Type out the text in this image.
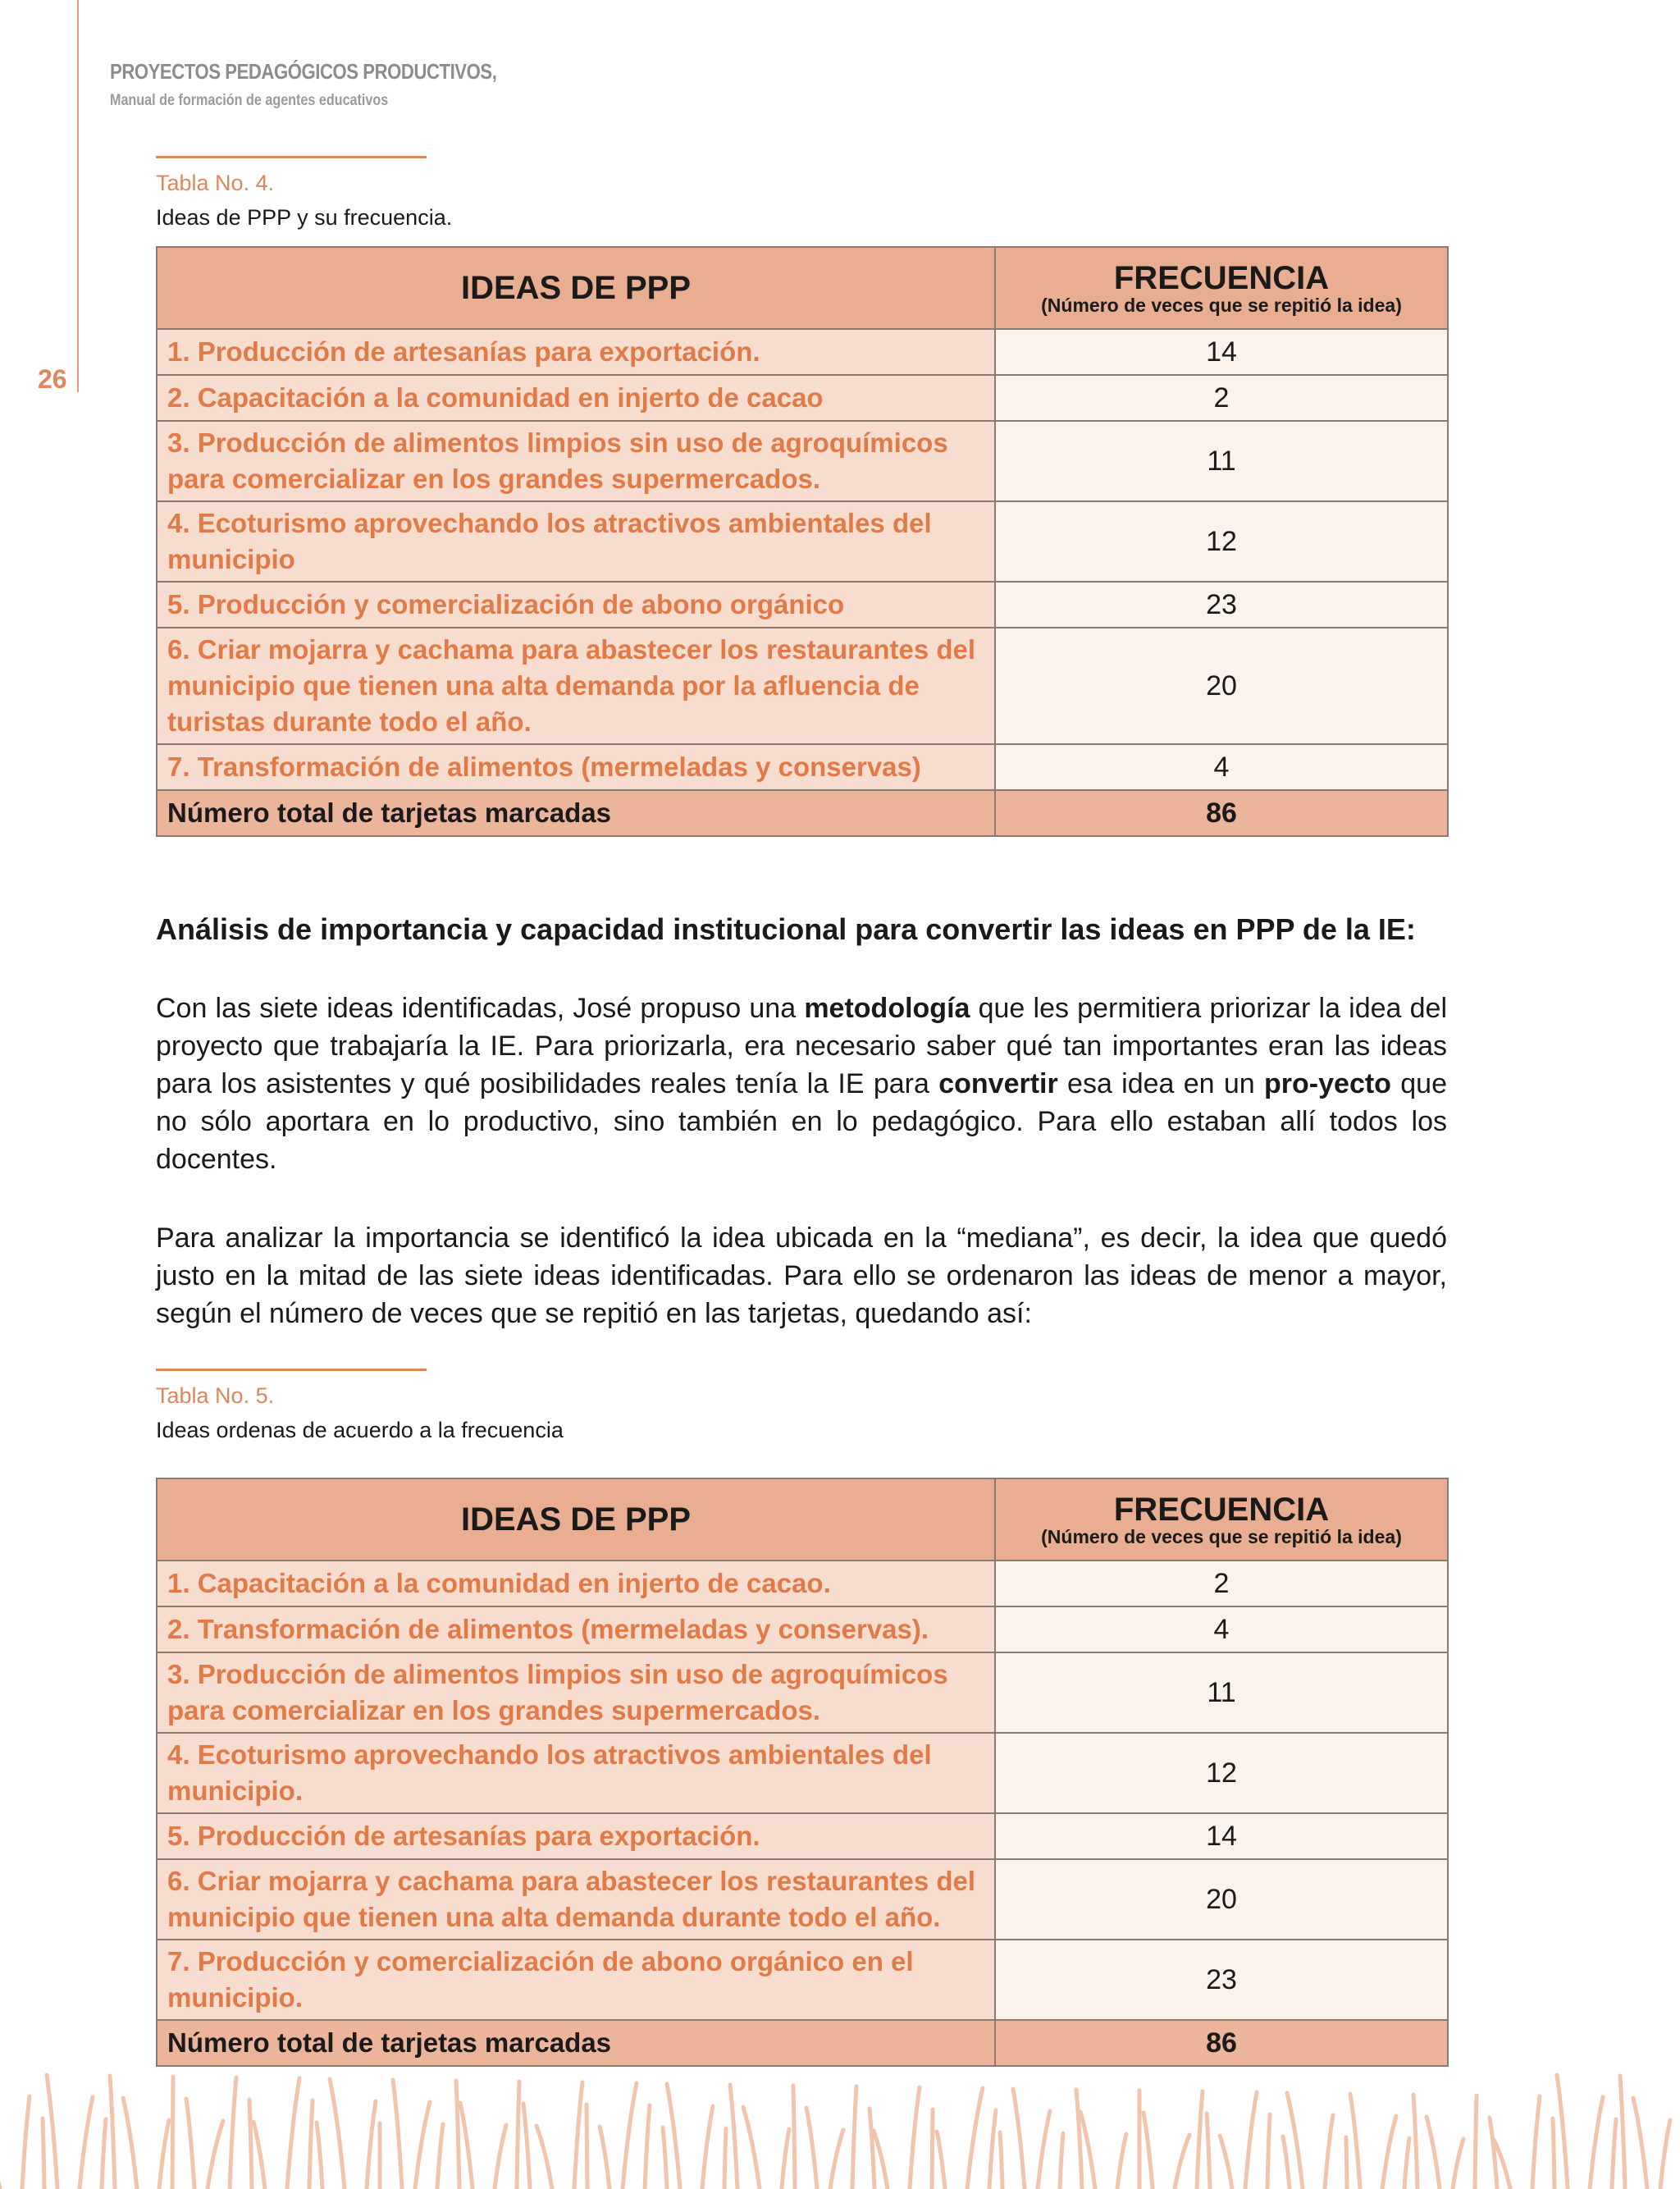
26
PROYECTOS PEDAGÓGICOS PRODUCTIVOS,
Manual de formación de agentes educativos
Tabla No. 4.
Ideas de PPP y su frecuencia.
IDEAS DE PPP	FRECUENCIA
(Número de veces que se repitió la idea)

1. Producción de artesanías para exportación.	14
2. Capacitación a la comunidad en injerto de cacao	2
3. Producción de alimentos limpios sin uso de agroquímicos para comercializar en los grandes supermercados.	11
4. Ecoturismo aprovechando los atractivos ambientales del municipio	12
5. Producción y comercialización de abono orgánico	23
6. Criar mojarra y cachama para abastecer los restaurantes del municipio que tienen una alta demanda por la afluencia de turistas durante todo el año.	20
7. Transformación de alimentos (mermeladas y conservas)	4
Número total de tarjetas marcadas	86
Análisis de importancia y capacidad institucional para convertir las ideas en PPP de la IE:
Con las siete ideas identificadas, José propuso una metodología que les permitiera priorizar la idea del proyecto que trabajaría la IE. Para priorizarla, era necesario saber qué tan importantes eran las ideas para los asistentes y qué posibilidades reales tenía la IE para convertir esa idea en un pro-yecto que no sólo aportara en lo productivo, sino también en lo pedagógico. Para ello estaban allí todos los docentes.
Para analizar la importancia se identificó la idea ubicada en la “mediana”, es decir, la idea que quedó justo en la mitad de las siete ideas identificadas. Para ello se ordenaron las ideas de menor a mayor, según el número de veces que se repitió en las tarjetas, quedando así:
Tabla No. 5.
Ideas ordenas de acuerdo a la frecuencia
IDEAS DE PPP	FRECUENCIA
(Número de veces que se repitió la idea)

1. Capacitación a la comunidad en injerto de cacao.	2
2. Transformación de alimentos (mermeladas y conservas).	4
3. Producción de alimentos limpios sin uso de agroquímicos para comercializar en los grandes supermercados.	11
4. Ecoturismo aprovechando los atractivos ambientales del municipio.	12
5. Producción de artesanías para exportación.	14
6. Criar mojarra y cachama para abastecer los restaurantes del municipio que tienen una alta demanda durante todo el año.	20
7. Producción y comercialización de abono orgánico en el municipio.	23
Número total de tarjetas marcadas	86
